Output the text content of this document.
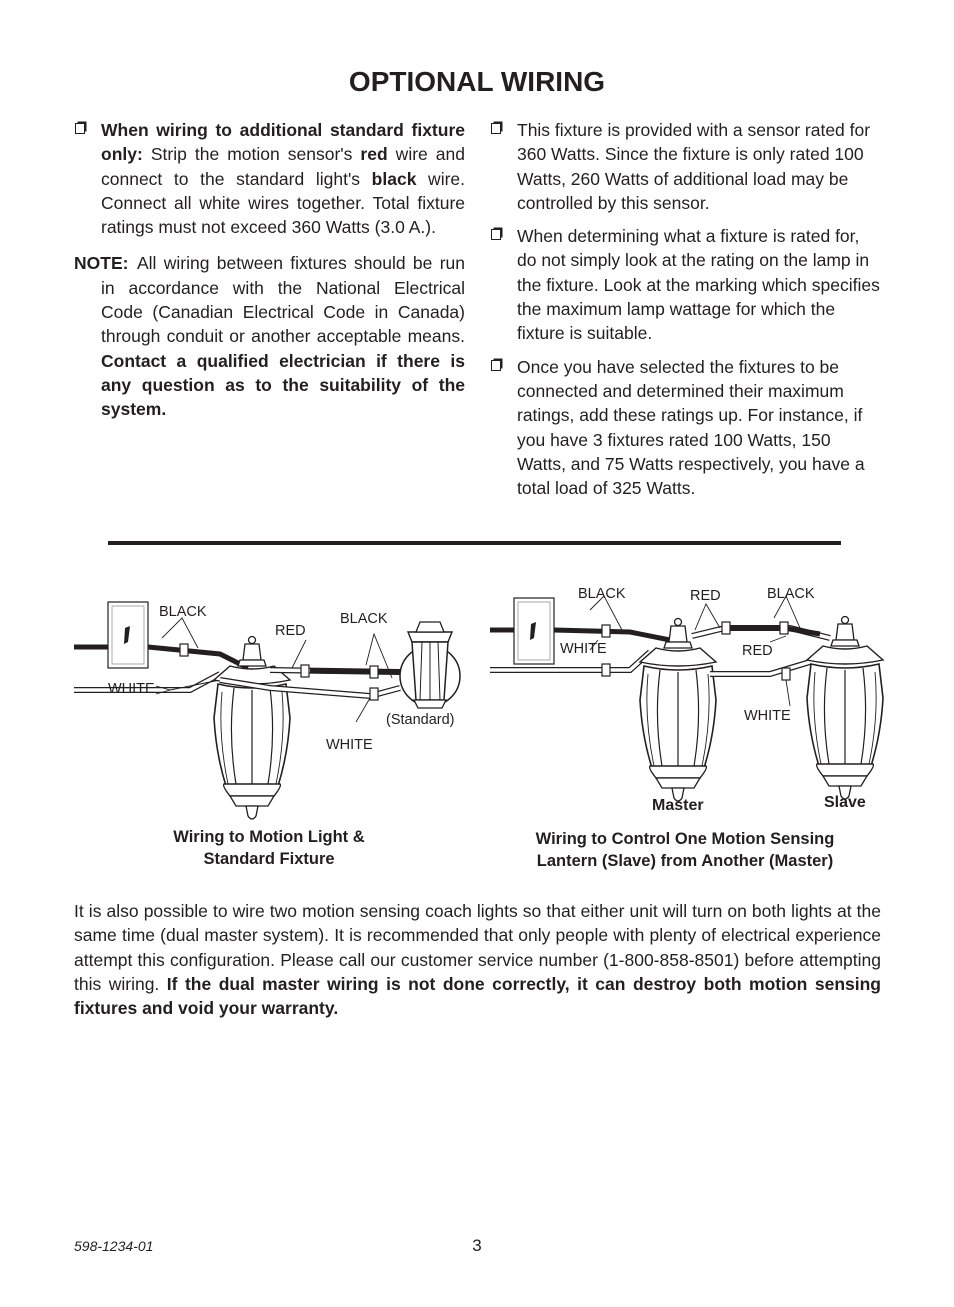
OPTIONAL WIRING

When wiring to additional standard fixture only: Strip the motion sensor's red wire and connect to the standard light's black wire. Connect all white wires together. Total fixture ratings must not exceed 360 Watts (3.0 A.).

NOTE: All wiring between fixtures should be run in accordance with the National Electrical Code (Canadian Electrical Code in Canada) through conduit or another acceptable means. Contact a qualified electrician if there is any question as to the suitability of the system.

This fixture is provided with a sensor rated for 360 Watts. Since the fixture is only rated 100 Watts, 260 Watts of additional load may be controlled by this sensor.

When determining what a fixture is rated for, do not simply look at the rating on the lamp in the fixture. Look at the marking which specifies the maximum lamp wattage for which the fixture is suitable.

Once you have selected the fixtures to be connected and determined their maximum ratings, add these ratings up. For instance, if you have 3 fixtures rated 100 Watts, 150 Watts, and 75 Watts respectively, you have a total load of 325 Watts.

BLACK
RED
BLACK
WHITE
WHITE
(Standard)
Wiring to Motion Light &
Standard Fixture
BLACK	RED	BLACK
WHITE	RED
WHITE
Master	Slave
Wiring to Control One Motion Sensing
Lantern (Slave) from Another (Master)

It is also possible to wire two motion sensing coach lights so that either unit will turn on both lights at the same time (dual master system). It is recommended that only people with plenty of electrical experience attempt this configuration. Please call our customer service number (1-800-858-8501) before attempting this wiring. If the dual master wiring is not done correctly, it can destroy both motion sensing fixtures and void your warranty.

598-1234-01	3
